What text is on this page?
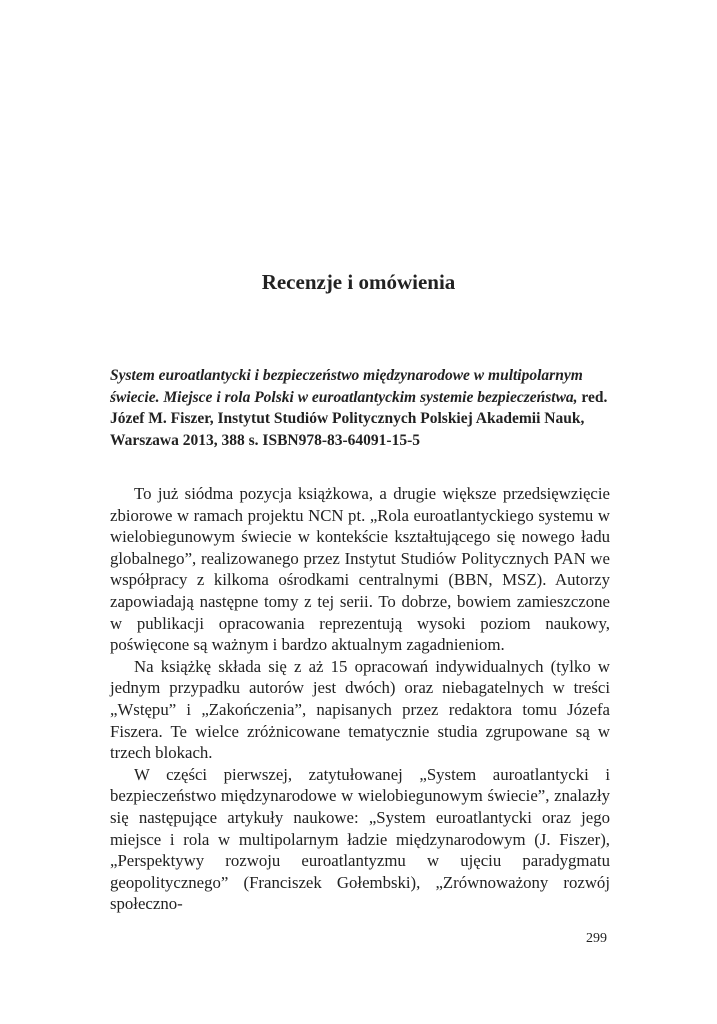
Recenzje i omówienia

System euroatlantycki i bezpieczeństwo międzynarodowe w multipolarnym świecie. Miejsce i rola Polski w euroatlantyckim systemie bezpieczeństwa, red. Józef M. Fiszer, Instytut Studiów Politycznych Polskiej Akademii Nauk, Warszawa 2013, 388 s. ISBN978-83-64091-15-5

To już siódma pozycja książkowa, a drugie większe przedsięwzięcie zbiorowe w ramach projektu NCN pt. „Rola euroatlantyckiego systemu w wielobiegunowym świecie w kontekście kształtującego się nowego ładu globalnego”, realizowanego przez Instytut Studiów Politycznych PAN we współpracy z kilkoma ośrodkami centralnymi (BBN, MSZ). Autorzy zapowiadają następne tomy z tej serii. To dobrze, bowiem zamieszczone w publikacji opracowania reprezentują wysoki poziom naukowy, poświęcone są ważnym i bardzo aktualnym zagadnieniom.

Na książkę składa się z aż 15 opracowań indywidualnych (tylko w jednym przypadku autorów jest dwóch) oraz niebagatelnych w treści „Wstępu” i „Zakończenia”, napisanych przez redaktora tomu Józefa Fiszera. Te wielce zróżnicowane tematycznie studia zgrupowane są w trzech blokach.

W części pierwszej, zatytułowanej „System auroatlantycki i bezpieczeństwo międzynarodowe w wielobiegunowym świecie”, znalazły się następujące artykuły naukowe: „System euroatlantycki oraz jego miejsce i rola w multipolarnym ładzie międzynarodowym (J. Fiszer), „Perspektywy rozwoju euroatlantyzmu w ujęciu paradygmatu geopolitycznego” (Franciszek Gołembski), „Zrównoważony rozwój społeczno-

299
